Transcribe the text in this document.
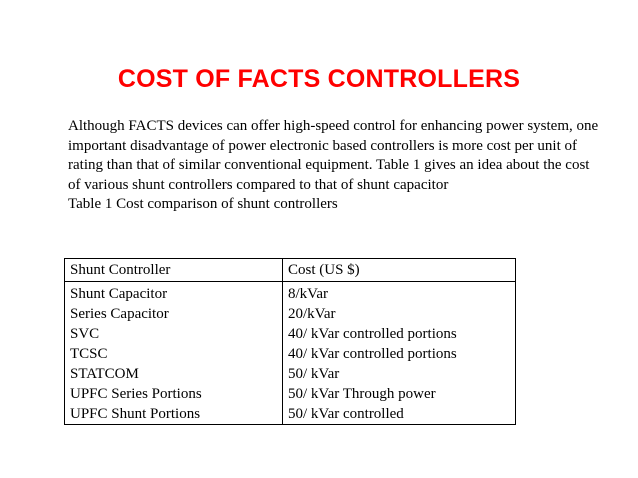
COST OF FACTS CONTROLLERS
Although FACTS devices can offer high-speed control for enhancing power system, one
important disadvantage of power electronic based controllers is more cost per unit of
rating than that of similar conventional equipment. Table 1 gives an idea about the cost
of various shunt controllers compared to that of shunt capacitor
Table 1 Cost comparison of shunt controllers
Shunt Controller	Cost (US $)
Shunt Capacitor	8/kVar
Series Capacitor	20/kVar
SVC	40/ kVar controlled portions
TCSC	40/ kVar controlled portions
STATCOM	50/ kVar
UPFC Series Portions	50/ kVar Through power
UPFC Shunt Portions	50/ kVar controlled
